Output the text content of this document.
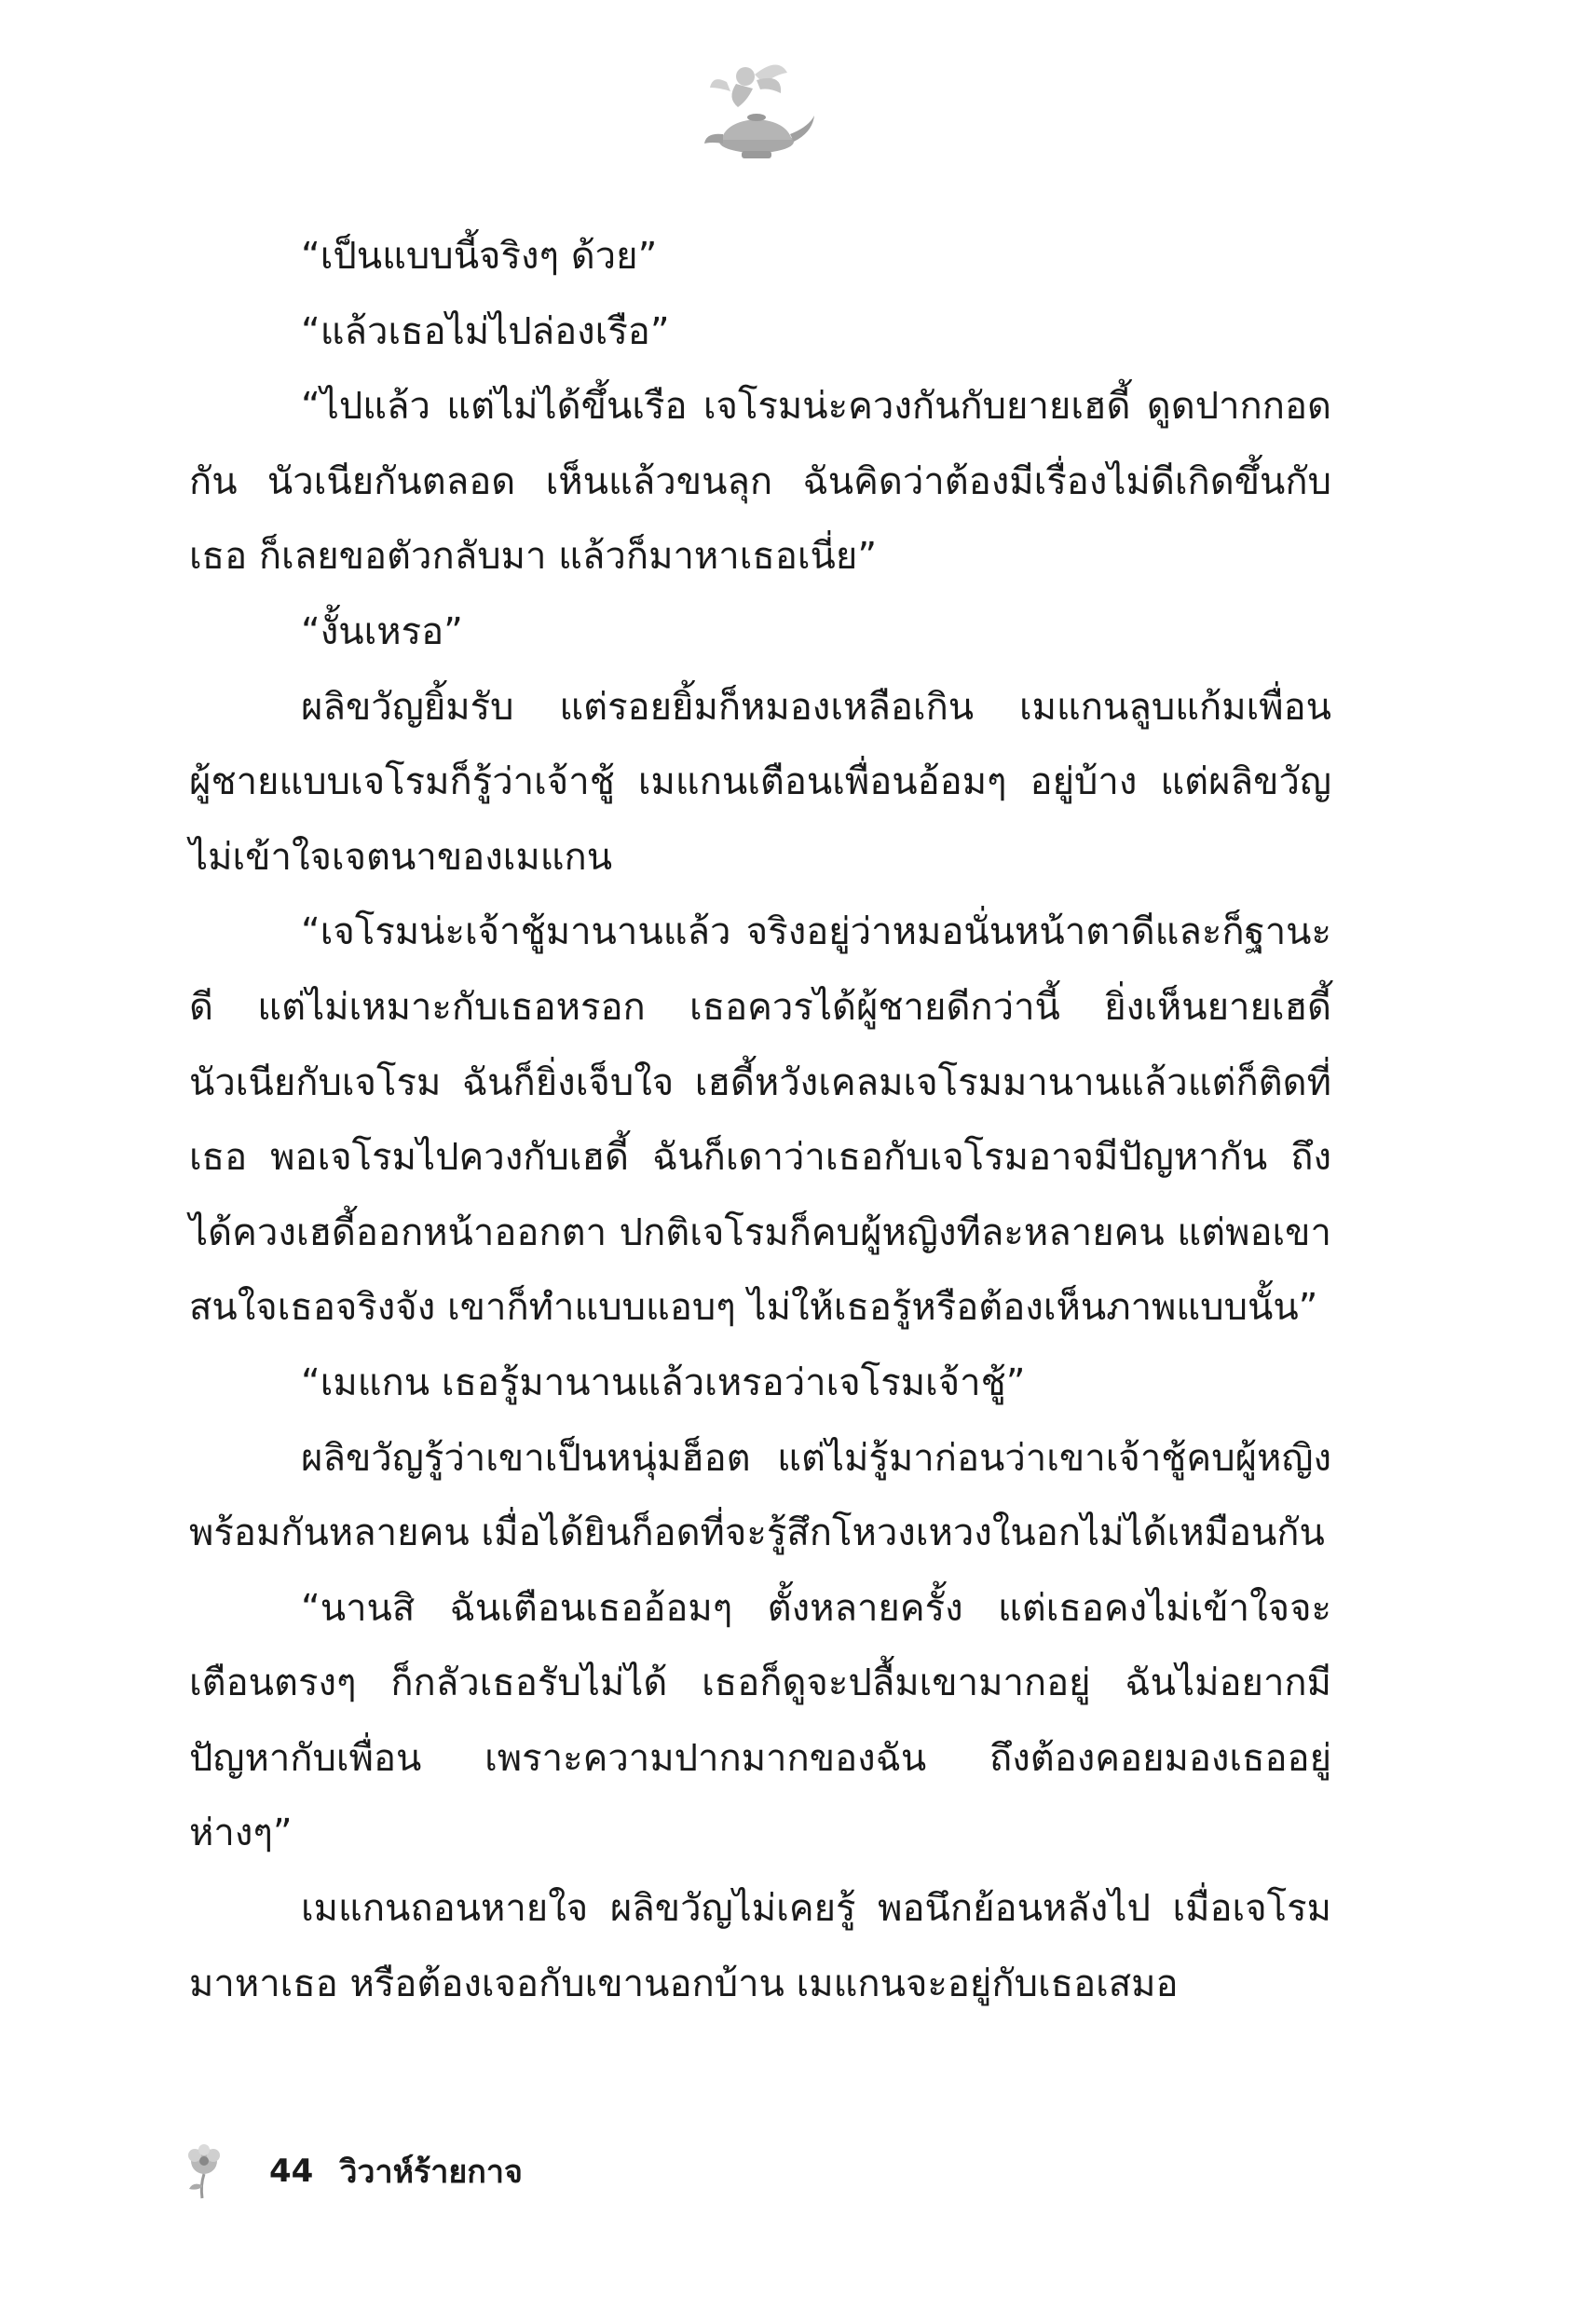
“เป็นแบบนี้จริงๆ ด้วย”

“แล้วเธอไม่ไปล่องเรือ”

“ไปแล้ว แต่ไม่ได้ขึ้นเรือ เจโรมน่ะควงกันกับยายเฮดี้ ดูดปากกอดกัน นัวเนียกันตลอด เห็นแล้วขนลุก ฉันคิดว่าต้องมีเรื่องไม่ดีเกิดขึ้นกับเธอ ก็เลยขอตัวกลับมา แล้วก็มาหาเธอเนี่ย”

“งั้นเหรอ”

ผลิขวัญยิ้มรับ แต่รอยยิ้มก็หมองเหลือเกิน เมแกนลูบแก้มเพื่อนผู้ชายแบบเจโรมก็รู้ว่าเจ้าชู้ เมแกนเตือนเพื่อนอ้อมๆ อยู่บ้าง แต่ผลิขวัญไม่เข้าใจเจตนาของเมแกน

“เจโรมน่ะเจ้าชู้มานานแล้ว จริงอยู่ว่าหมอนั่นหน้าตาดีและก็ฐานะดี แต่ไม่เหมาะกับเธอหรอก เธอควรได้ผู้ชายดีกว่านี้ ยิ่งเห็นยายเฮดี้นัวเนียกับเจโรม ฉันก็ยิ่งเจ็บใจ เฮดี้หวังเคลมเจโรมมานานแล้วแต่ก็ติดที่เธอ พอเจโรมไปควงกับเฮดี้ ฉันก็เดาว่าเธอกับเจโรมอาจมีปัญหากัน ถึงได้ควงเฮดี้ออกหน้าออกตา ปกติเจโรมก็คบผู้หญิงทีละหลายคน แต่พอเขาสนใจเธอจริงจัง เขาก็ทำแบบแอบๆ ไม่ให้เธอรู้หรือต้องเห็นภาพแบบนั้น”

“เมแกน เธอรู้มานานแล้วเหรอว่าเจโรมเจ้าชู้”

ผลิขวัญรู้ว่าเขาเป็นหนุ่มฮ็อต แต่ไม่รู้มาก่อนว่าเขาเจ้าชู้คบผู้หญิงพร้อมกันหลายคน เมื่อได้ยินก็อดที่จะรู้สึกโหวงเหวงในอกไม่ได้เหมือนกัน

“นานสิ ฉันเตือนเธออ้อมๆ ตั้งหลายครั้ง แต่เธอคงไม่เข้าใจจะเตือนตรงๆ ก็กลัวเธอรับไม่ได้ เธอก็ดูจะปลื้มเขามากอยู่ ฉันไม่อยากมีปัญหากับเพื่อน เพราะความปากมากของฉัน ถึงต้องคอยมองเธออยู่ห่างๆ”

เมแกนถอนหายใจ ผลิขวัญไม่เคยรู้ พอนึกย้อนหลังไป เมื่อเจโรมมาหาเธอ หรือต้องเจอกับเขานอกบ้าน เมแกนจะอยู่กับเธอเสมอ

44 วิวาห์ร้ายกาจ
